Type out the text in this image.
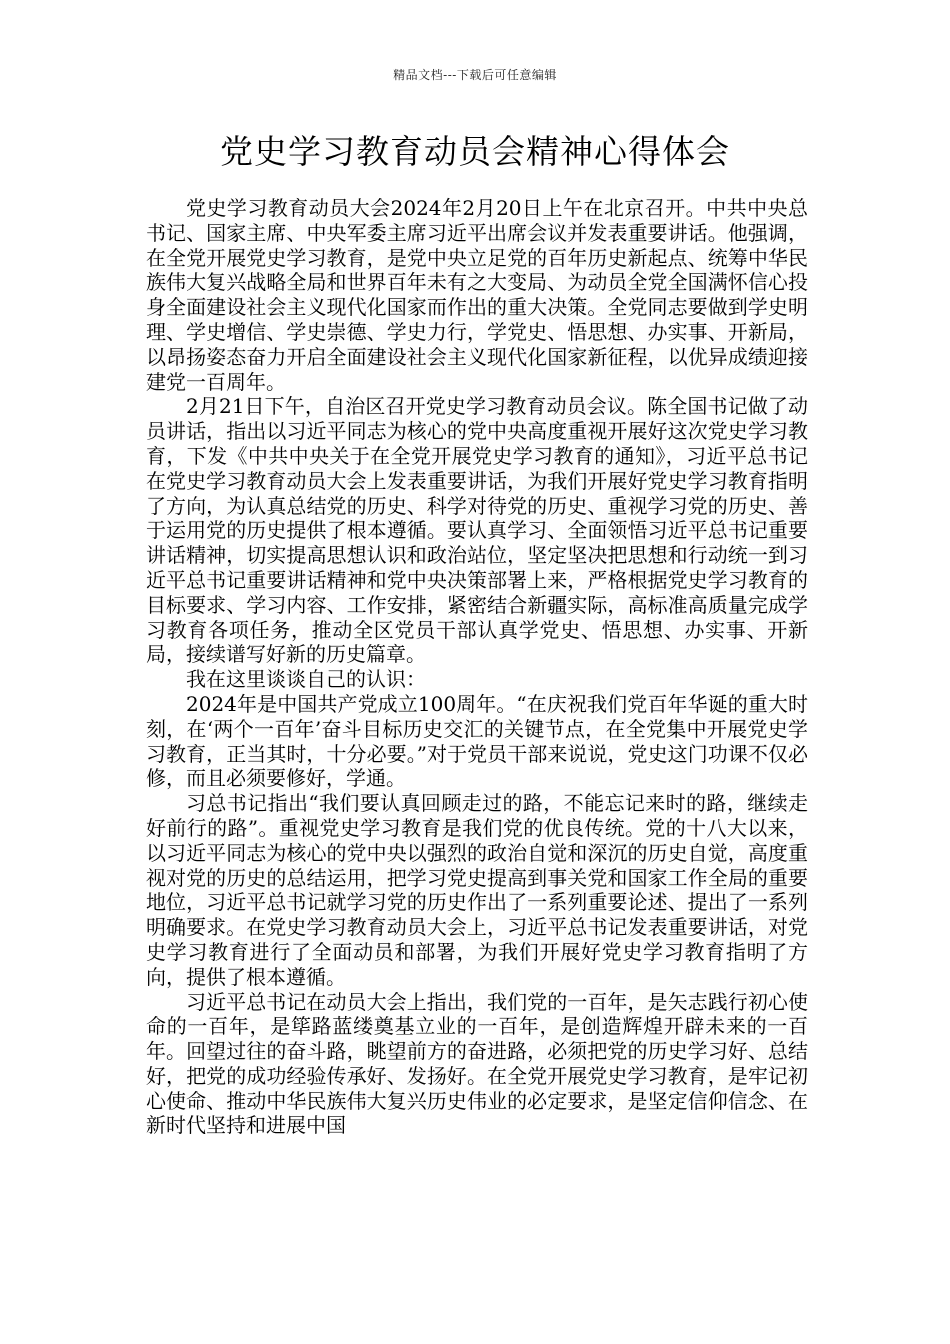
精品文档---下载后可任意编辑
党史学习教育动员会精神心得体会

党史学习教育动员大会2024年2月20日上午在北京召开。中共中央总书记、国家主席、中央军委主席习近平出席会议并发表重要讲话。他强调，在全党开展党史学习教育，是党中央立足党的百年历史新起点、统筹中华民族伟大复兴战略全局和世界百年未有之大变局、为动员全党全国满怀信心投身全面建设社会主义现代化国家而作出的重大决策。全党同志要做到学史明理、学史增信、学史崇德、学史力行，学党史、悟思想、办实事、开新局，以昂扬姿态奋力开启全面建设社会主义现代化国家新征程，以优异成绩迎接建党一百周年。

2月21日下午，自治区召开党史学习教育动员会议。陈全国书记做了动员讲话，指出以习近平同志为核心的党中央高度重视开展好这次党史学习教育，下发《中共中央关于在全党开展党史学习教育的通知》，习近平总书记在党史学习教育动员大会上发表重要讲话，为我们开展好党史学习教育指明了方向，为认真总结党的历史、科学对待党的历史、重视学习党的历史、善于运用党的历史提供了根本遵循。要认真学习、全面领悟习近平总书记重要讲话精神，切实提高思想认识和政治站位，坚定坚决把思想和行动统一到习近平总书记重要讲话精神和党中央决策部署上来，严格根据党史学习教育的目标要求、学习内容、工作安排，紧密结合新疆实际，高标准高质量完成学习教育各项任务，推动全区党员干部认真学党史、悟思想、办实事、开新局，接续谱写好新的历史篇章。

我在这里谈谈自己的认识：

2024年是中国共产党成立100周年。“在庆祝我们党百年华诞的重大时刻，在‘两个一百年’奋斗目标历史交汇的关键节点，在全党集中开展党史学习教育，正当其时，十分必要。”对于党员干部来说说，党史这门功课不仅必修，而且必须要修好，学通。

习总书记指出“我们要认真回顾走过的路，不能忘记来时的路，继续走好前行的路”。重视党史学习教育是我们党的优良传统。党的十八大以来，以习近平同志为核心的党中央以强烈的政治自觉和深沉的历史自觉，高度重视对党的历史的总结运用，把学习党史提高到事关党和国家工作全局的重要地位，习近平总书记就学习党的历史作出了一系列重要论述、提出了一系列明确要求。在党史学习教育动员大会上，习近平总书记发表重要讲话，对党史学习教育进行了全面动员和部署，为我们开展好党史学习教育指明了方向，提供了根本遵循。

习近平总书记在动员大会上指出，我们党的一百年，是矢志践行初心使命的一百年，是筚路蓝缕奠基立业的一百年，是创造辉煌开辟未来的一百年。回望过往的奋斗路，眺望前方的奋进路，必须把党的历史学习好、总结好，把党的成功经验传承好、发扬好。在全党开展党史学习教育，是牢记初心使命、推动中华民族伟大复兴历史伟业的必定要求，是坚定信仰信念、在新时代坚持和进展中国
